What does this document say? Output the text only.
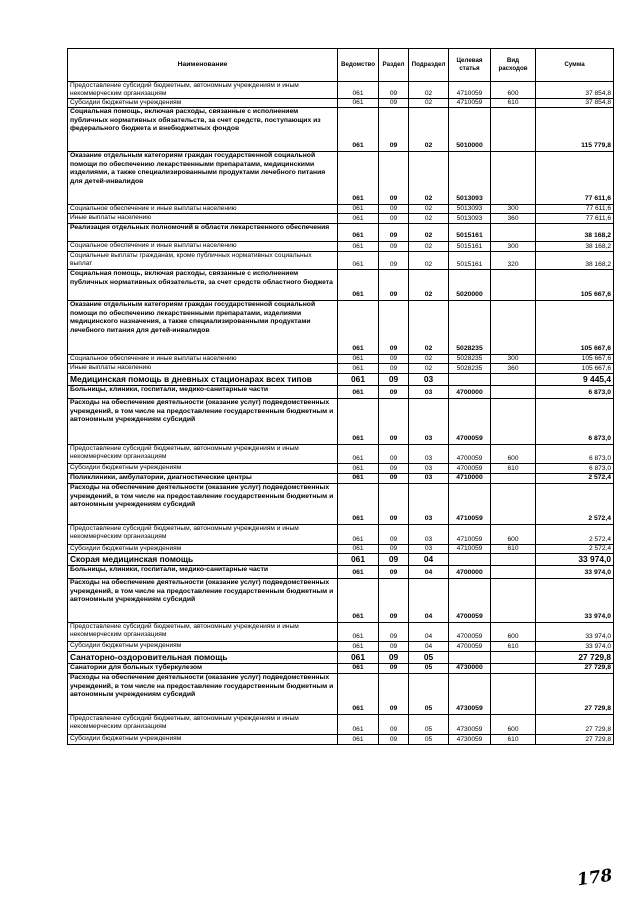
Наименование	Ведомство	Раздел	Подраздел	Целевая статья	Вид расходов	Сумма
Предоставление субсидий бюджетным, автономным учреждениям и иным некоммерческим организациям	061	09	02	4710059	600	37 854,8
Субсидии бюджетным учреждениям	061	09	02	4710059	610	37 854,8
Социальная помощь, включая расходы, связанные с исполнением публичных нормативных обязательств, за счет средств, поступающих из федерального бюджета и внебюджетных фондов	061	09	02	5010000		115 779,8
Оказание отдельным категориям граждан государственной социальной помощи по обеспечению лекарственными препаратами, медицинскими изделиями, а также специализированными продуктами лечебного питания для детей-инвалидов	061	09	02	5013093		77 611,6
Социальное обеспечение и иные выплаты населению	061	09	02	5013093	300	77 611,6
Иные выплаты населению	061	09	02	5013093	360	77 611,6
Реализация отдельных полномочий в области лекарственного обеспечения	061	09	02	5015161		38 168,2
Социальное обеспечение и иные выплаты населению	061	09	02	5015161	300	38 168,2
Социальные выплаты гражданам, кроме публичных нормативных социальных выплат	061	09	02	5015161	320	38 168,2
Социальная помощь, включая расходы, связанные с исполнением публичных нормативных обязательств, за счет средств областного бюджета	061	09	02	5020000		105 667,6
Оказание отдельным категориям граждан государственной социальной помощи по обеспечению лекарственными препаратами, изделиями медицинского назначения, а также специализированными продуктами лечебного питания для детей-инвалидов	061	09	02	5028235		105 667,6
Социальное обеспечение и иные выплаты населению	061	09	02	5028235	300	105 667,6
Иные выплаты населению	061	09	02	5028235	360	105 667,6
Медицинская помощь в дневных стационарах всех типов	061	09	03			9 445,4
Больницы, клиники, госпитали, медико-санитарные части	061	09	03	4700000		6 873,0
Расходы на обеспечение деятельности (оказание услуг) подведомственных учреждений, в том числе на предоставление государственным бюджетным и автономным учреждениям субсидий	061	09	03	4700059		6 873,0
Предоставление субсидий бюджетным, автономным учреждениям и иным некоммерческим организациям	061	09	03	4700059	600	6 873,0
Субсидии бюджетным учреждениям	061	09	03	4700059	610	6 873,0
Поликлиники, амбулатории, диагностические центры	061	09	03	4710000		2 572,4
Расходы на обеспечение деятельности (оказание услуг) подведомственных учреждений, в том числе на предоставление государственным бюджетным и автономным учреждениям субсидий	061	09	03	4710059		2 572,4
Предоставление субсидий бюджетным, автономным учреждениям и иным некоммерческим организациям	061	09	03	4710059	600	2 572,4
Субсидии бюджетным учреждениям	061	09	03	4710059	610	2 572,4
Скорая медицинская помощь	061	09	04			33 974,0
Больницы, клиники, госпитали, медико-санитарные части	061	09	04	4700000		33 974,0
Расходы на обеспечение деятельности (оказание услуг) подведомственных учреждений, в том числе на предоставление государственным бюджетным и автономным учреждениям субсидий	061	09	04	4700059		33 974,0
Предоставление субсидий бюджетным, автономным учреждениям и иным некоммерческим организациям	061	09	04	4700059	600	33 974,0
Субсидии бюджетным учреждениям	061	09	04	4700059	610	33 974,0
Санаторно-оздоровительная помощь	061	09	05			27 729,8
Санатории для больных туберкулезом	061	09	05	4730000		27 729,8
Расходы на обеспечение деятельности (оказание услуг) подведомственных учреждений, в том числе на предоставление государственным бюджетным и автономным учреждениям субсидий	061	09	05	4730059		27 729,8
Предоставление субсидий бюджетным, автономным учреждениям и иным некоммерческим организациям	061	09	05	4730059	600	27 729,8
Субсидии бюджетным учреждениям	061	09	05	4730059	610	27 729,8
178
